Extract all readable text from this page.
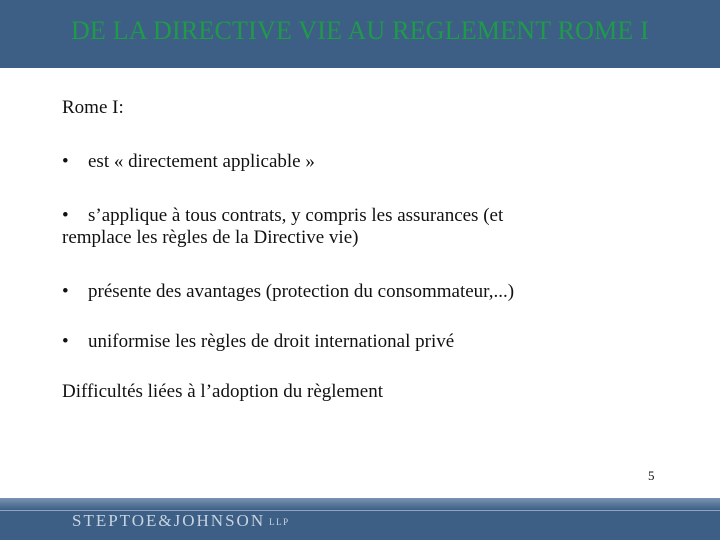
DE LA DIRECTIVE VIE AU REGLEMENT ROME I
Rome I:
• est « directement applicable »
• s’applique à tous contrats, y compris les assurances (et
remplace les règles de la Directive vie)
• présente des avantages (protection du consommateur,...)
• uniformise les règles de droit international privé
Difficultés liées à l’adoption du règlement
5
STEPTOE&JOHNSON LLP
